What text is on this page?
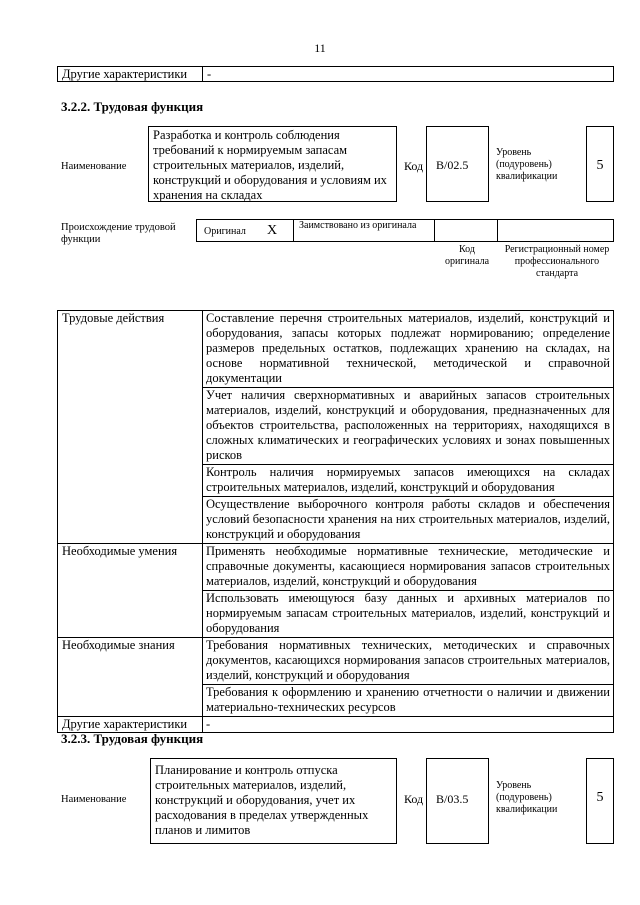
11
Другие характеристики	-
3.2.2. Трудовая функция
Наименование
Разработка и контроль соблюдения требований к нормируемым запасам строительных материалов, изделий, конструкций и оборудования и условиям их хранения на складах
Код B/02.5
Уровень (подуровень) квалификации
5
Происхождение трудовой функции
Оригинал X Заимствовано из оригинала
Код оригинала
Регистрационный номер профессионального стандарта
Трудовые действия	Составление перечня строительных материалов, изделий, конструкций и оборудования, запасы которых подлежат нормированию; определение размеров предельных остатков, подлежащих хранению на складах, на основе нормативной технической, методической и справочной документации
	Учет наличия сверхнормативных и аварийных запасов строительных материалов, изделий, конструкций и оборудования, предназначенных для объектов строительства, расположенных на территориях, находящихся в сложных климатических и географических условиях и зонах повышенных рисков
	Контроль наличия нормируемых запасов имеющихся на складах строительных материалов, изделий, конструкций и оборудования
	Осуществление выборочного контроля работы складов и обеспечения условий безопасности хранения на них строительных материалов, изделий, конструкций и оборудования
Необходимые умения	Применять необходимые нормативные технические, методические и справочные документы, касающиеся нормирования запасов строительных материалов, изделий, конструкций и оборудования
	Использовать имеющуюся базу данных и архивных материалов по нормируемым запасам строительных материалов, изделий, конструкций и оборудования
Необходимые знания	Требования нормативных технических, методических и справочных документов, касающихся нормирования запасов строительных материалов, изделий, конструкций и оборудования
	Требования к оформлению и хранению отчетности о наличии и движении материально-технических ресурсов
Другие характеристики	-
3.2.3. Трудовая функция
Наименование
Планирование и контроль отпуска строительных материалов, изделий, конструкций и оборудования, учет их расходования в пределах утвержденных планов и лимитов
Код B/03.5
Уровень (подуровень) квалификации
5
